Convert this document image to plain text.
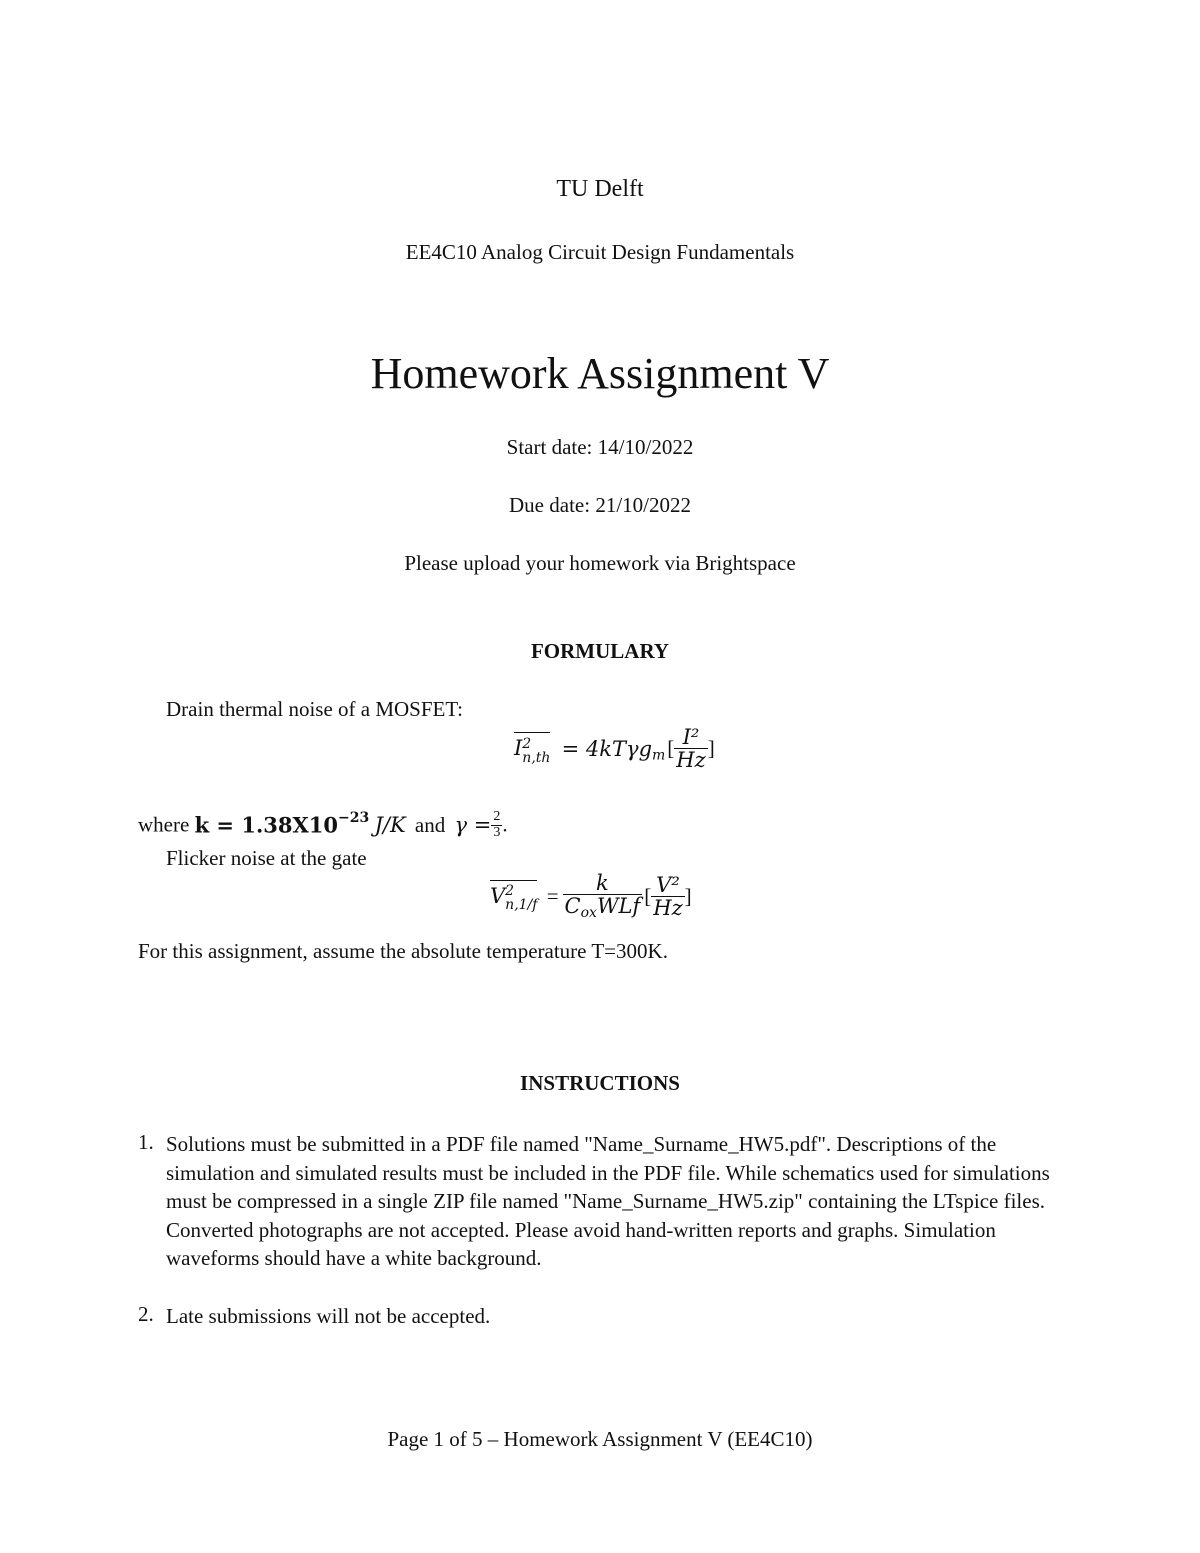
TU Delft
EE4C10 Analog Circuit Design Fundamentals
Homework Assignment V
Start date: 14/10/2022
Due date: 21/10/2022
Please upload your homework via Brightspace
FORMULARY
Drain thermal noise of a MOSFET:
I 2
$n,th = 4kT\gamma g_m[ \frac{\text{I²}}{Hz}$ ]
where $k = 1.38X10^{-23}$ J/K and $\gamma = \frac{2}{3}$ .
Flicker noise at the gate
V 2
$n,1/f = \frac{k}{\text{CoxWLf}}$ [ $\frac{\text{V²}}{Hz}$ ]
For this assignment, assume the absolute temperature T=300K.
INSTRUCTIONS
1. Solutions must be submitted in a PDF file named "Name_Surname_HW5.pdf". Descriptions of the simulation and simulated results must be included in the PDF file. While schematics used for simulations must be compressed in a single ZIP file named "Name_Surname_HW5.zip" containing the LTspice files. Converted photographs are not accepted. Please avoid hand-written reports and graphs. Simulation waveforms should have a white background.
2. Late submissions will not be accepted.
Page 1 of 5 – Homework Assignment V (EE4C10)
